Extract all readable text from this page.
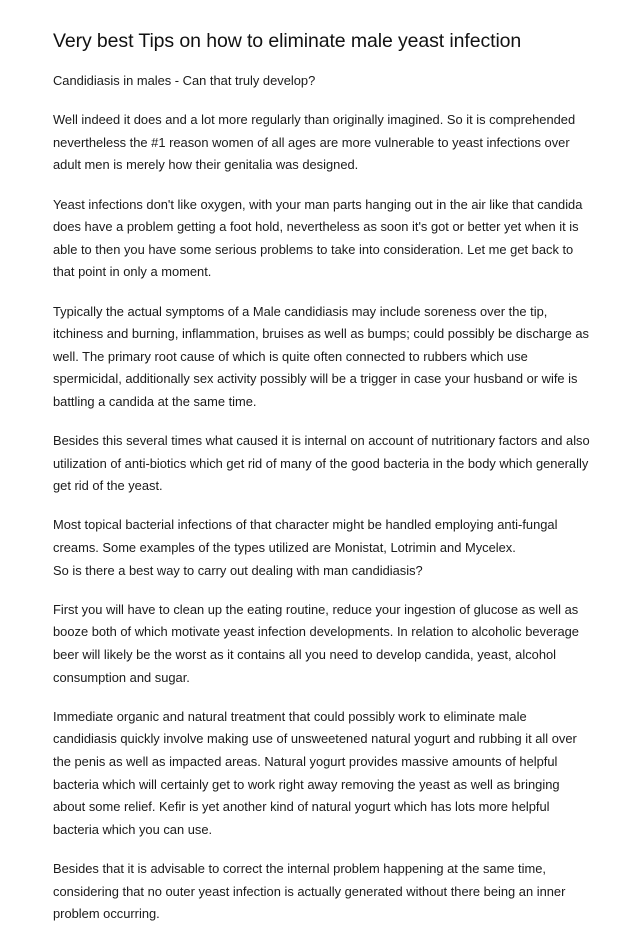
Very best Tips on how to eliminate male yeast infection

Candidiasis in males - Can that truly develop?

Well indeed it does and a lot more regularly than originally imagined. So it is comprehended nevertheless the #1 reason women of all ages are more vulnerable to yeast infections over adult men is merely how their genitalia was designed.

Yeast infections don't like oxygen, with your man parts hanging out in the air like that candida does have a problem getting a foot hold, nevertheless as soon it's got or better yet when it is able to then you have some serious problems to take into consideration. Let me get back to that point in only a moment.

Typically the actual symptoms of a Male candidiasis may include soreness over the tip, itchiness and burning, inflammation, bruises as well as bumps; could possibly be discharge as well. The primary root cause of which is quite often connected to rubbers which use spermicidal, additionally sex activity possibly will be a trigger in case your husband or wife is battling a candida at the same time.

Besides this several times what caused it is internal on account of nutritionary factors and also utilization of anti-biotics which get rid of many of the good bacteria in the body which generally get rid of the yeast.

Most topical bacterial infections of that character might be handled employing anti-fungal creams. Some examples of the types utilized are Monistat, Lotrimin and Mycelex.

So is there a best way to carry out dealing with man candidiasis?

First you will have to clean up the eating routine, reduce your ingestion of glucose as well as booze both of which motivate yeast infection developments. In relation to alcoholic beverage beer will likely be the worst as it contains all you need to develop candida, yeast, alcohol consumption and sugar.

Immediate organic and natural treatment that could possibly work to eliminate male candidiasis quickly involve making use of unsweetened natural yogurt and rubbing it all over the penis as well as impacted areas. Natural yogurt provides massive amounts of helpful bacteria which will certainly get to work right away removing the yeast as well as bringing about some relief. Kefir is yet another kind of natural yogurt which has lots more helpful bacteria which you can use.

Besides that it is advisable to correct the internal problem happening at the same time, considering that no outer yeast infection is actually generated without there being an inner problem occurring.
